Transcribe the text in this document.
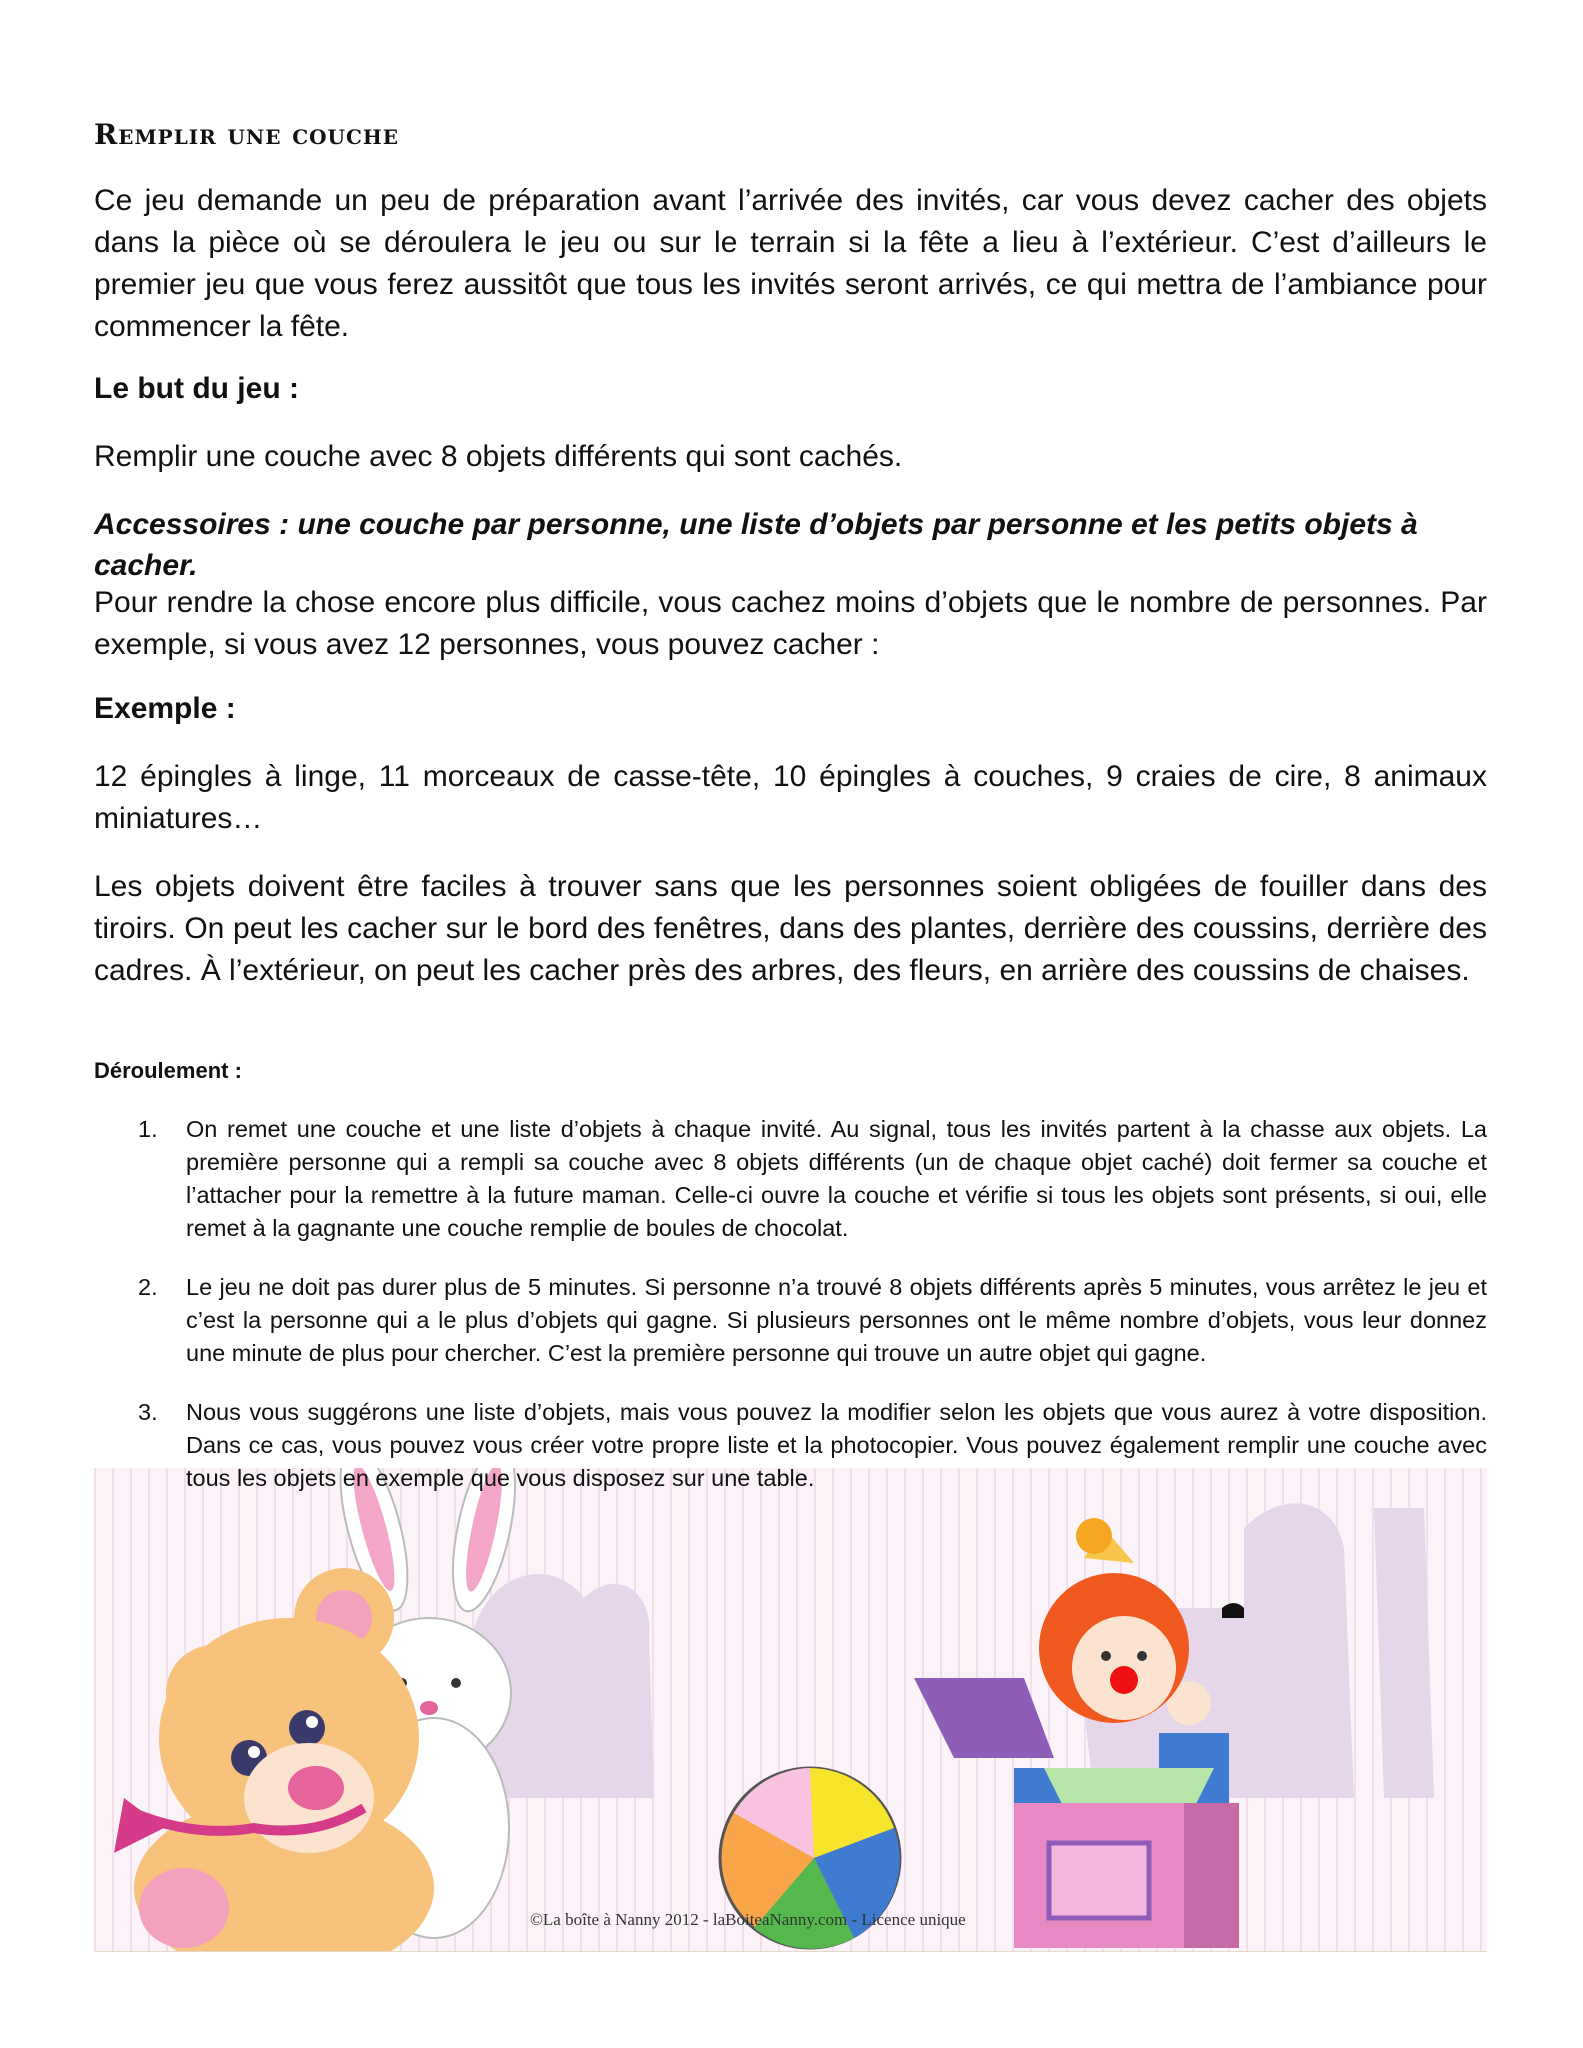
Remplir une couche

Ce jeu demande un peu de préparation avant l’arrivée des invités, car vous devez cacher des objets dans la pièce où se déroulera le jeu ou sur le terrain si la fête a lieu à l’extérieur. C’est d’ailleurs le premier jeu que vous ferez aussitôt que tous les invités seront arrivés, ce qui mettra de l’ambiance pour commencer la fête.

Le but du jeu :

Remplir une couche avec 8 objets différents qui sont cachés.

Accessoires : une couche par personne, une liste d’objets par personne et les petits objets à cacher.

Pour rendre la chose encore plus difficile, vous cachez moins d’objets que le nombre de personnes. Par exemple, si vous avez 12 personnes, vous pouvez cacher :

Exemple :

12 épingles à linge, 11 morceaux de casse-tête, 10 épingles à couches, 9 craies de cire, 8 animaux miniatures…

Les objets doivent être faciles à trouver sans que les personnes soient obligées de fouiller dans des tiroirs. On peut les cacher sur le bord des fenêtres, dans des plantes, derrière des coussins, derrière des cadres. À l’extérieur, on peut les cacher près des arbres, des fleurs, en arrière des coussins de chaises.

Déroulement :

1. On remet une couche et une liste d’objets à chaque invité. Au signal, tous les invités partent à la chasse aux objets. La première personne qui a rempli sa couche avec 8 objets différents (un de chaque objet caché) doit fermer sa couche et l’attacher pour la remettre à la future maman. Celle-ci ouvre la couche et vérifie si tous les objets sont présents, si oui, elle remet à la gagnante une couche remplie de boules de chocolat.
2. Le jeu ne doit pas durer plus de 5 minutes. Si personne n’a trouvé 8 objets différents après 5 minutes, vous arrêtez le jeu et c’est la personne qui a le plus d’objets qui gagne. Si plusieurs personnes ont le même nombre d’objets, vous leur donnez une minute de plus pour chercher. C’est la première personne qui trouve un autre objet qui gagne.
3. Nous vous suggérons une liste d’objets, mais vous pouvez la modifier selon les objets que vous aurez à votre disposition. Dans ce cas, vous pouvez vous créer votre propre liste et la photocopier. Vous pouvez également remplir une couche avec tous les objets en exemple que vous disposez sur une table.
©La boîte à Nanny 2012 - laBoiteaNanny.com - Licence unique
